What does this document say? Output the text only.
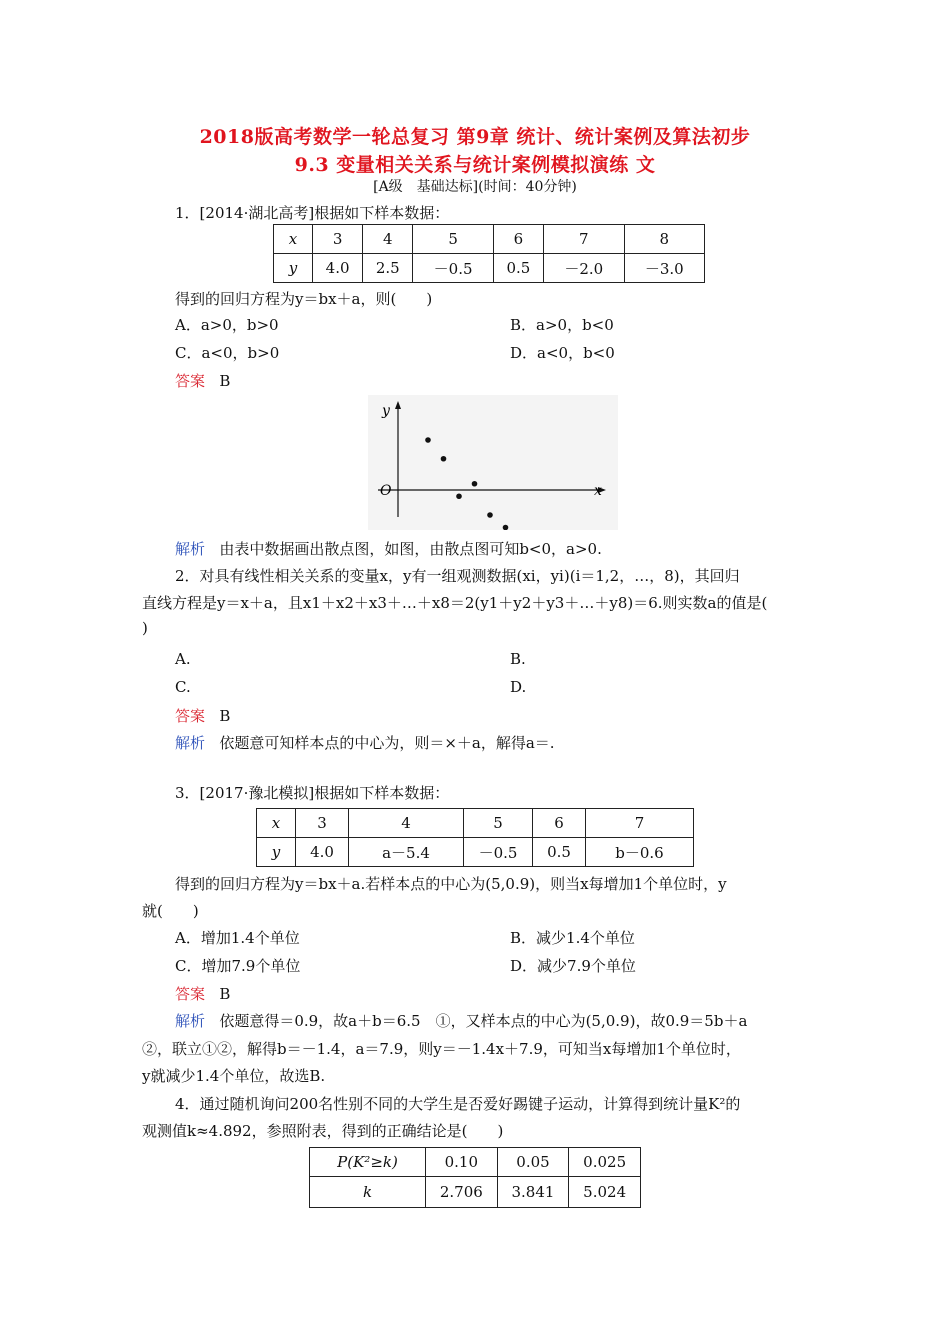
2018版高考数学一轮总复习 第9章 统计、统计案例及算法初步
9.3 变量相关关系与统计案例模拟演练 文
[A级　基础达标](时间：40分钟)
1．[2014·湖北高考]根据如下样本数据：
x	3	4	5	6	7	8
y	4.0	2.5	－0.5	0.5	－2.0	－3.0
得到的回归方程为y＝bx＋a，则(　　)
A．a>0，b>0	B．a>0，b<0
C．a<0，b>0	D．a<0，b<0
答案 B
y
x
O
解析 由表中数据画出散点图，如图，由散点图可知b<0，a>0.
2．对具有线性相关关系的变量x，y有一组观测数据(xi，yi)(i＝1,2，…，8)，其回归
直线方程是y＝x＋a，且x1＋x2＋x3＋…＋x8＝2(y1＋y2＋y3＋…＋y8)＝6.则实数a的值是(
)
A.	B.
C.	D.
答案 B
解析 依题意可知样本点的中心为，则＝×＋a，解得a＝.
3．[2017·豫北模拟]根据如下样本数据：
x	3	4	5	6	7
y	4.0	a－5.4	－0.5	0.5	b－0.6
得到的回归方程为y＝bx＋a.若样本点的中心为(5,0.9)，则当x每增加1个单位时，y
就(　　)
A．增加1.4个单位	B．减少1.4个单位
C．增加7.9个单位	D．减少7.9个单位
答案 B
解析 依题意得＝0.9，故a＋b＝6.5　①，又样本点的中心为(5,0.9)，故0.9＝5b＋a
②，联立①②，解得b＝－1.4，a＝7.9，则y＝－1.4x＋7.9，可知当x每增加1个单位时，
y就减少1.4个单位，故选B.
4．通过随机询问200名性别不同的大学生是否爱好踢键子运动，计算得到统计量K²的
观测值k≈4.892，参照附表，得到的正确结论是(　　)
P(K²≥k)	0.10	0.05	0.025
k	2.706	3.841	5.024
